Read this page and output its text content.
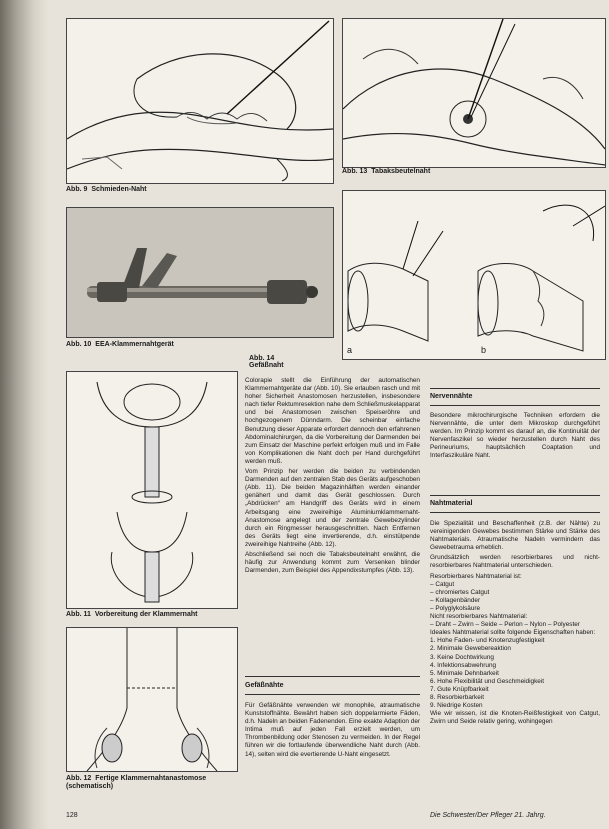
Abb. 9 Schmieden-Naht
Abb. 13 Tabaksbeutelnaht
Abb. 10 EEA-Klammernahtgerät
a	b
Abb. 14
Gefäßnaht
Abb. 11 Vorbereitung der Klammernaht
Abb. 12 Fertige Klammernahtanastomose
(schematisch)

Colorapie stellt die Einführung der automatischen Klammernahtgeräte dar (Abb. 10). Sie erlauben rasch und mit hoher Sicherheit Anastomosen herzustellen, insbesondere nach tiefer Rektumresektion nahe dem Schließmuskelapparat und bei Anastomosen zwischen Speiseröhre und hochgezogenem Dünndarm. Die scheinbar einfache Benutzung dieser Apparate erfordert dennoch den erfahrenen Abdominalchirurgen, da die Vorbereitung der Darmenden bei zum Einsatz der Maschine perfekt erfolgen muß und im Falle von Komplikationen die Naht doch per Hand durchgeführt werden muß.

Vom Prinzip her werden die beiden zu verbindenden Darmenden auf den zentralen Stab des Geräts aufgeschoben (Abb. 11). Die beiden Magazinhälften werden einander genähert und damit das Gerät geschlossen. Durch „Abdrücken“ am Handgriff des Geräts wird in einem Arbeitsgang eine zweireihige Aluminiumklammernaht-Anastomose angelegt und der zentrale Gewebezylinder durch ein Ringmesser herausgeschnitten. Nach Entfernen des Geräts liegt eine invertierende, d.h. einstülpende zweireihige Nahtreihe (Abb. 12).

Abschließend sei noch die Tabaksbeutelnaht erwähnt, die häufig zur Anwendung kommt zum Versenken blinder Darmenden, zum Beispiel des Appendixstumpfes (Abb. 13).

Gefäßnähte

Für Gefäßnähte verwenden wir monophile, atraumatische Kunststoffnähte. Bewährt haben sich doppelarmierte Fäden, d.h. Nadeln an beiden Fadenenden. Eine exakte Adaption der Intima muß auf jeden Fall erzielt werden, um Thrombenbildung oder Stenosen zu vermeiden. In der Regel führen wir die fortlaufende überwendliche Naht durch (Abb. 14), selten wird die evertierende U-Naht eingesetzt.

Nervennähte

Besondere mikrochirurgische Techniken erfordern die Nervennähte, die unter dem Mikroskop durchgeführt werden. Im Prinzip kommt es darauf an, die Kontinuität der Nervenfaszikel so wieder herzustellen durch Naht des Perineuriums, hauptsächlich Coaptation und Interfaszikuläre Naht.

Nahtmaterial

Die Spezialität und Beschaffenheit (z.B. der Nähte) zu vereinigenden Gewebes bestimmen Stärke und Stärke des Nahtmaterials. Atraumatische Nadeln vermindern das Gewebetrauma erheblich.

Grundsätzlich werden resorbierbares und nicht-resorbierbares Nahtmaterial unterschieden.

Resorbierbares Nahtmaterial ist:

– Catgut
– chromiertes Catgut
– Kollagenbänder
– Polyglykolsäure

Nicht resorbierbares Nahtmaterial:

– Draht – Zwirn – Seide – Perlon – Nylon – Polyester

Ideales Nahtmaterial sollte folgende Eigenschaften haben:

1. Hohe Faden- und Knotenzugfestigkeit
2. Minimale Gewebereaktion
3. Keine Dochtwirkung
4. Infektionsabwehrung
5. Minimale Dehnbarkeit
6. Hohe Flexibilität und Geschmeidigkeit
7. Gute Knüpfbarkeit
8. Resorbierbarkeit
9. Niedrige Kosten

Wie wir wissen, ist die Knoten-Reißfestigkeit von Catgut, Zwirn und Seide relativ gering, wohingegen

128	Die Schwester/Der Pfleger 21. Jahrg.
